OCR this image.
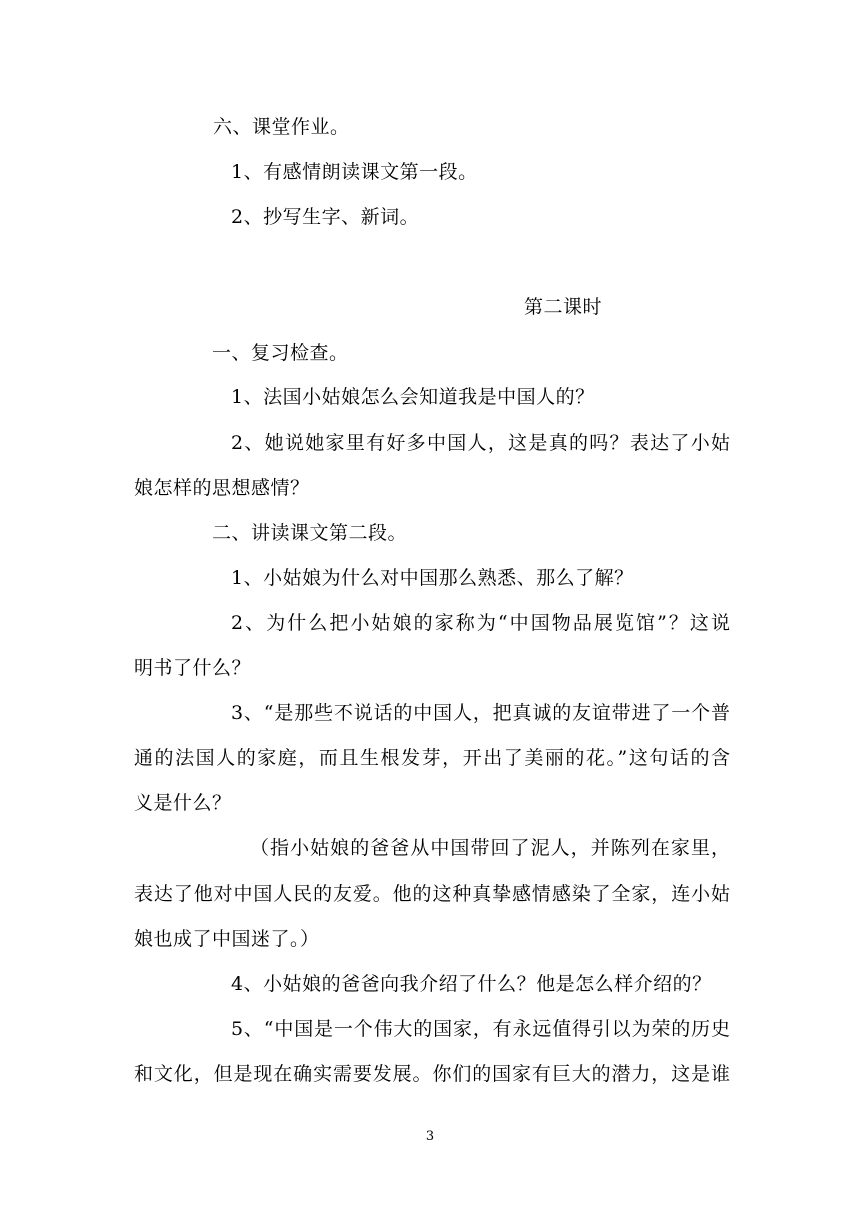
六、课堂作业。
1、有感情朗读课文第一段。
2、抄写生字、新词。
第二课时
一、复习检查。
1、法国小姑娘怎么会知道我是中国人的？
2、她说她家里有好多中国人，这是真的吗？表达了小姑
娘怎样的思想感情？
二、讲读课文第二段。
1、小姑娘为什么对中国那么熟悉、那么了解？
2、为什么把小姑娘的家称为“中国物品展览馆”？这说
明书了什么？
3、“是那些不说话的中国人，把真诚的友谊带进了一个普
通的法国人的家庭，而且生根发芽，开出了美丽的花。”这句话的含
义是什么？
（指小姑娘的爸爸从中国带回了泥人，并陈列在家里，
表达了他对中国人民的友爱。他的这种真挚感情感染了全家，连小姑
娘也成了中国迷了。）
4、小姑娘的爸爸向我介绍了什么？他是怎么样介绍的？
5、“中国是一个伟大的国家，有永远值得引以为荣的历史
和文化，但是现在确实需要发展。你们的国家有巨大的潜力，这是谁
3
